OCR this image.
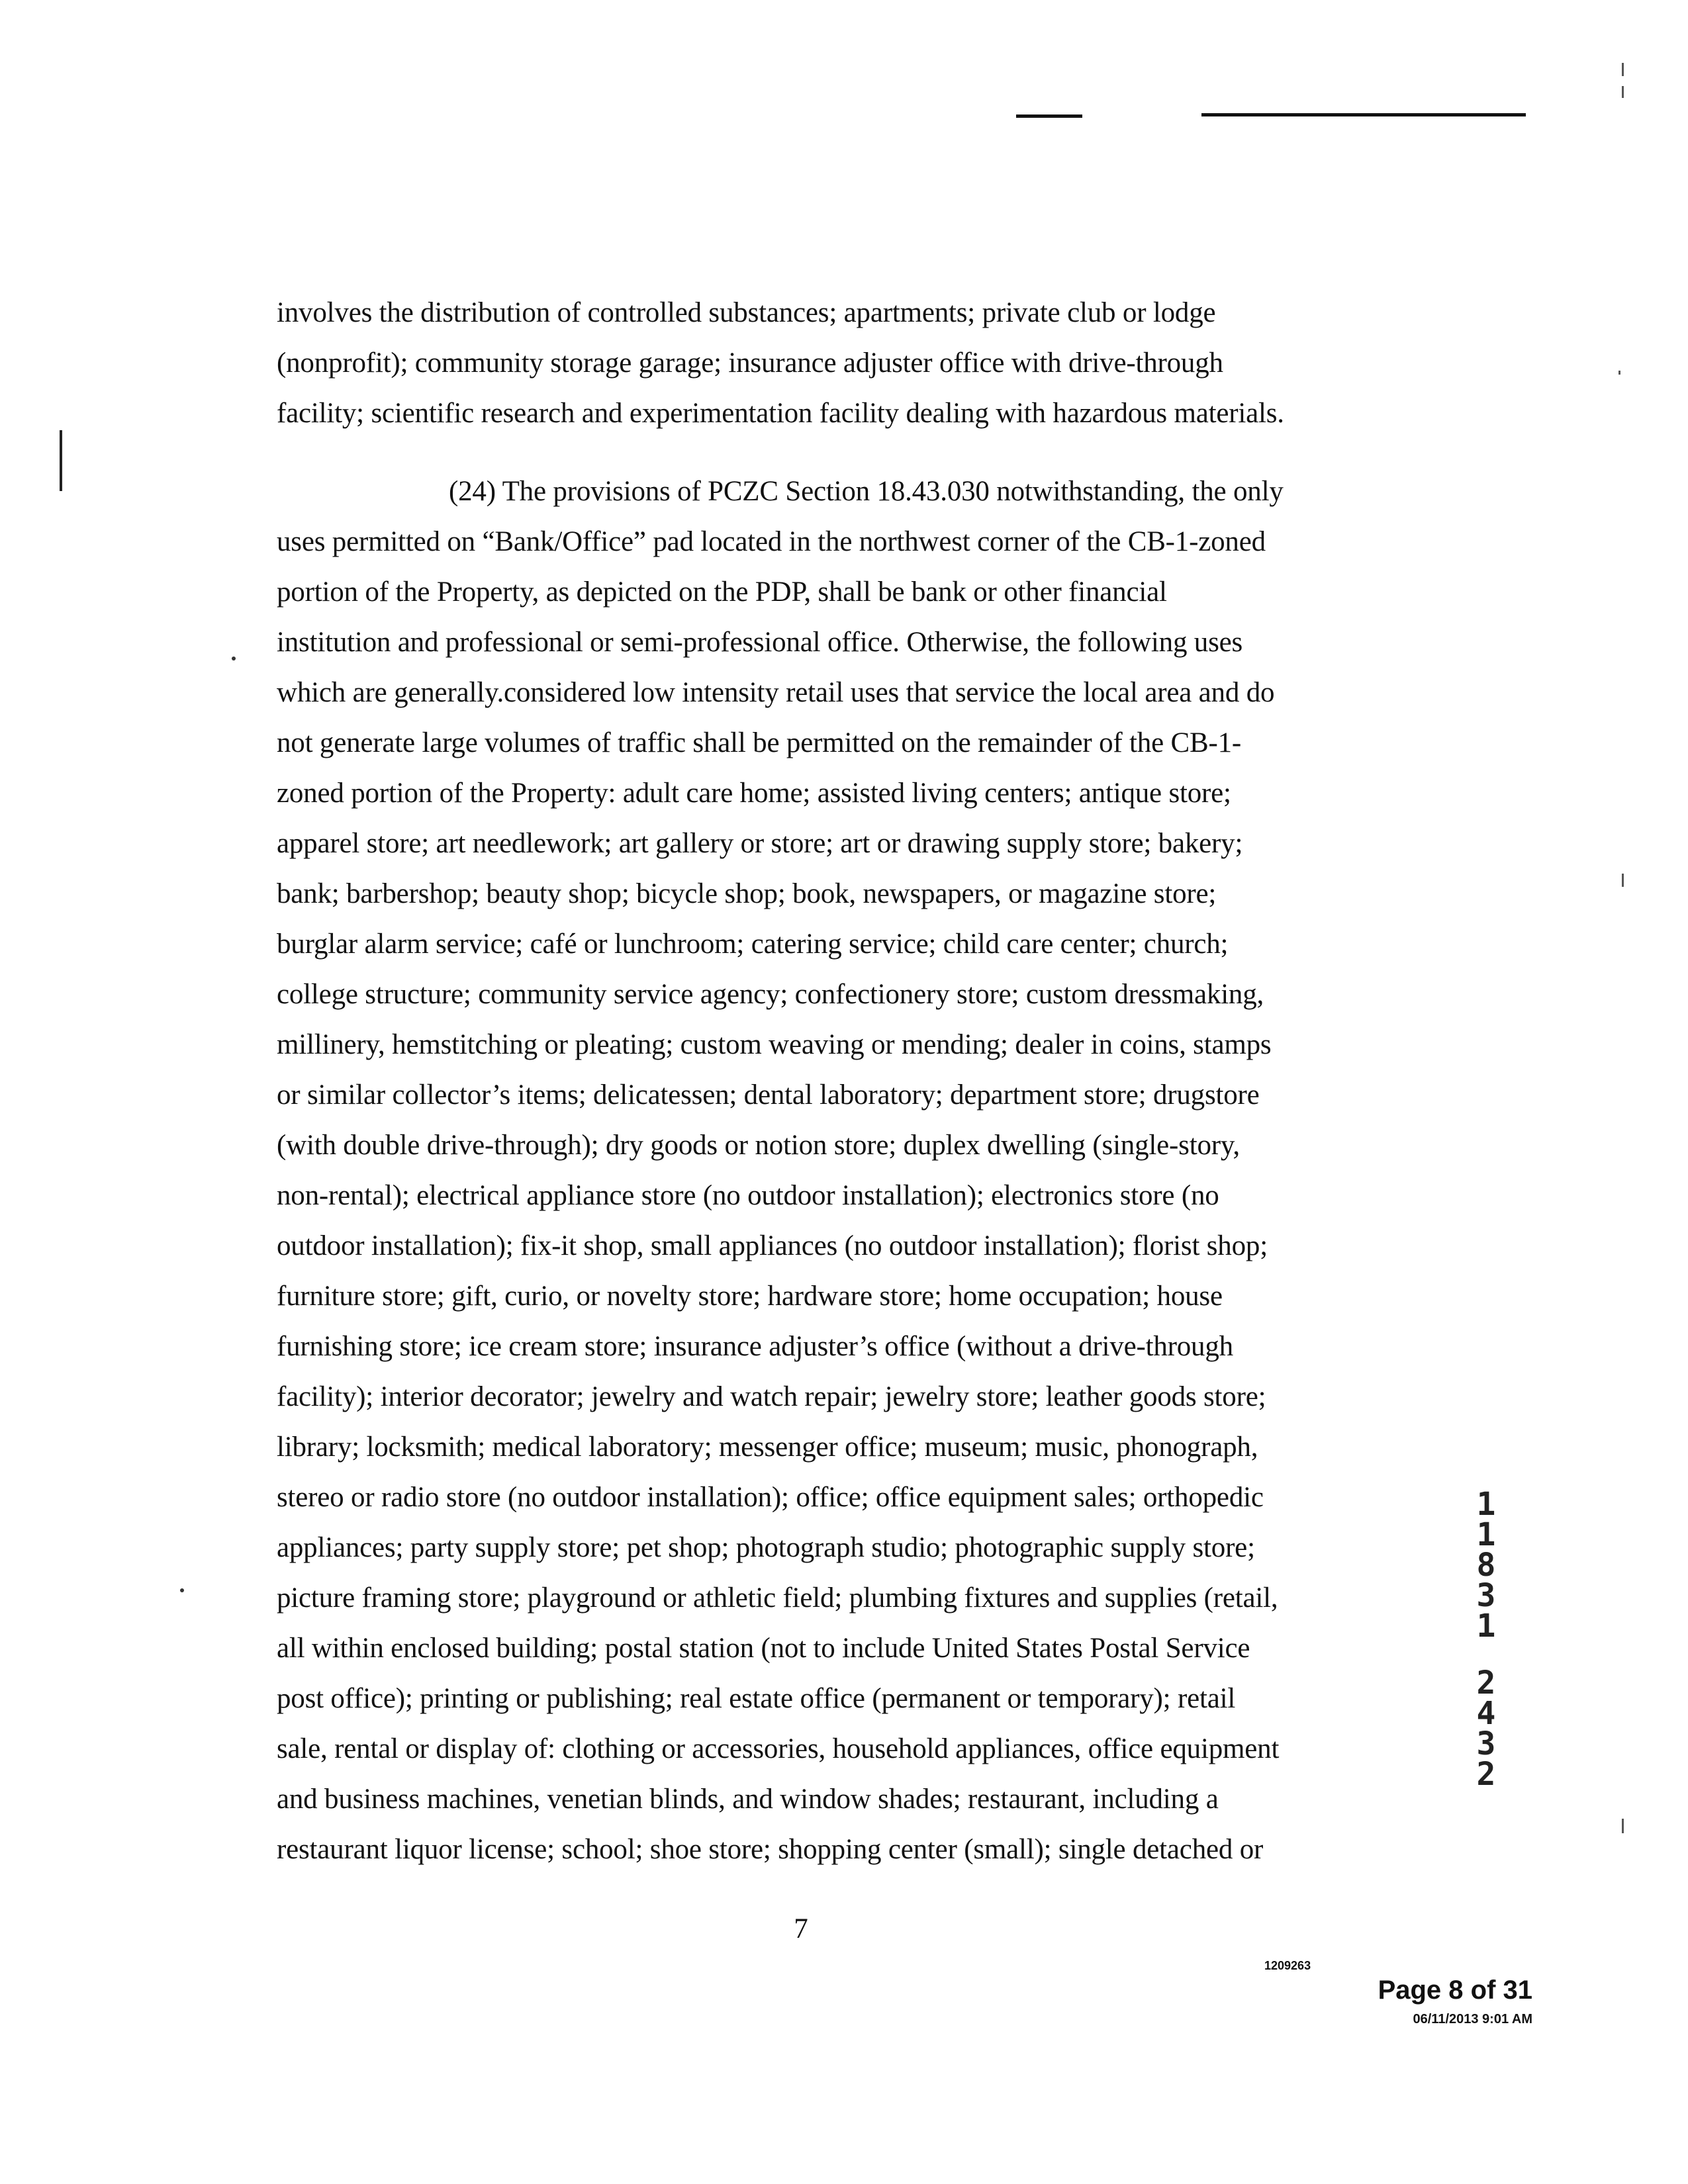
involves the distribution of controlled substances; apartments; private club or lodge
(nonprofit); community storage garage; insurance adjuster office with drive-through
facility; scientific research and experimentation facility dealing with hazardous materials.
(24) The provisions of PCZC Section 18.43.030 notwithstanding, the only
uses permitted on “Bank/Office” pad located in the northwest corner of the CB-1-zoned
portion of the Property, as depicted on the PDP, shall be bank or other financial
institution and professional or semi-professional office. Otherwise, the following uses
which are generally.considered low intensity retail uses that service the local area and do
not generate large volumes of traffic shall be permitted on the remainder of the CB-1-
zoned portion of the Property: adult care home; assisted living centers; antique store;
apparel store; art needlework; art gallery or store; art or drawing supply store; bakery;
bank; barbershop; beauty shop; bicycle shop; book, newspapers, or magazine store;
burglar alarm service; café or lunchroom; catering service; child care center; church;
college structure; community service agency; confectionery store; custom dressmaking,
millinery, hemstitching or pleating; custom weaving or mending; dealer in coins, stamps
or similar collector’s items; delicatessen; dental laboratory; department store; drugstore
(with double drive-through); dry goods or notion store; duplex dwelling (single-story,
non-rental); electrical appliance store (no outdoor installation); electronics store (no
outdoor installation); fix-it shop, small appliances (no outdoor installation); florist shop;
furniture store; gift, curio, or novelty store; hardware store; home occupation; house
furnishing store; ice cream store; insurance adjuster’s office (without a drive-through
facility); interior decorator; jewelry and watch repair; jewelry store; leather goods store;
library; locksmith; medical laboratory; messenger office; museum; music, phonograph,
stereo or radio store (no outdoor installation); office; office equipment sales; orthopedic
appliances; party supply store; pet shop; photograph studio; photographic supply store;
picture framing store; playground or athletic field; plumbing fixtures and supplies (retail,
all within enclosed building; postal station (not to include United States Postal Service
post office); printing or publishing; real estate office (permanent or temporary); retail
sale, rental or display of: clothing or accessories, household appliances, office equipment
and business machines, venetian blinds, and window shades; restaurant, including a
restaurant liquor license; school; shoe store; shopping center (small); single detached or
1
1
8
3
1
2
4
3
2
7
1209263
Page 8 of 31
06/11/2013 9:01 AM
